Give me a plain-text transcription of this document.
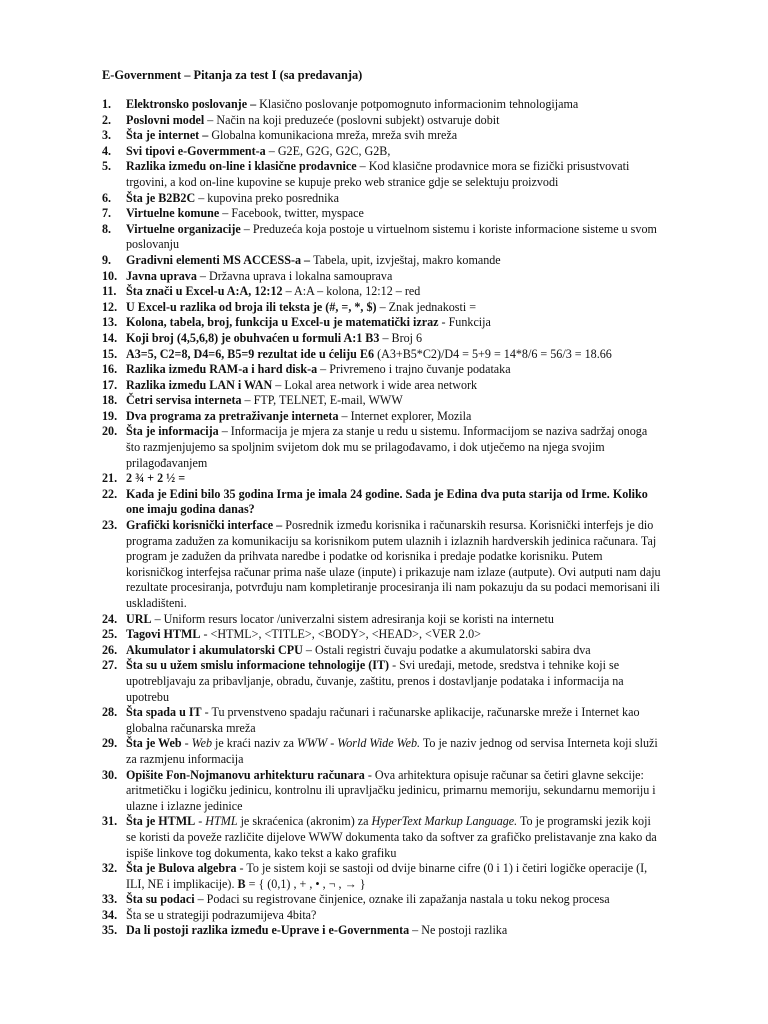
E-Government – Pitanja za test I (sa predavanja)
1.	Elektronsko poslovanje – Klasično poslovanje potpomognuto informacionim tehnologijama
2.	Poslovni model – Način na koji preduzeće (poslovni subjekt) ostvaruje dobit
3.	Šta je internet – Globalna komunikaciona mreža, mreža svih mreža
4.	Svi tipovi e-Govermment-a – G2E, G2G, G2C, G2B,
5.	Razlika između on-line i klasične prodavnice – Kod klasične prodavnice mora se fizički prisustvovati trgovini, a kod on-line kupovine se kupuje preko web stranice gdje se selektuju proizvodi
6.	Šta je B2B2C – kupovina preko posrednika
7.	Virtuelne komune – Facebook, twitter, myspace
8.	Virtuelne organizacije – Preduzeća koja postoje u virtuelnom sistemu i koriste informacione sisteme u svom poslovanju
9.	Gradivni elementi MS ACCESS-a – Tabela, upit, izvještaj, makro komande
10. Javna uprava – Državna uprava i lokalna samouprava
11. Šta znači u Excel-u A:A, 12:12 – A:A – kolona, 12:12 – red
12. U Excel-u razlika od broja ili teksta je (#, =, *, $) – Znak jednakosti =
13. Kolona, tabela, broj, funkcija u Excel-u je matematički izraz - Funkcija
14. Koji broj (4,5,6,8) je obuhvaćen u formuli A:1 B3 – Broj 6
15. A3=5, C2=8, D4=6, B5=9 rezultat ide u ćeliju E6 (A3+B5*C2)/D4 = 5+9 = 14*8/6 = 56/3 = 18.66
16. Razlika između RAM-a i hard disk-a – Privremeno i trajno čuvanje podataka
17. Razlika između LAN i WAN – Lokal area network i wide area network
18. Četri servisa interneta – FTP, TELNET, E-mail, WWW
19. Dva programa za pretraživanje interneta – Internet explorer, Mozila
20. Šta je informacija – Informacija je mjera za stanje u redu u sistemu. Informacijom se naziva sadržaj onoga što razmjenjujemo sa spoljnim svijetom dok mu se prilagođavamo, i dok utječemo na njega svojim prilagođavanjem
21. 2 ¾ + 2 ½ =
22. Kada je Edini bilo 35 godina Irma je imala 24 godine. Sada je Edina dva puta starija od Irme. Koliko one imaju godina danas?
23. Grafički korisnički interface – Posrednik između korisnika i računarskih resursa. Korisnički interfejs je dio programa zadužen za komunikaciju sa korisnikom putem ulaznih i izlaznih hardverskih jedinica računara. Taj program je zadužen da prihvata naredbe i podatke od korisnika i predaje podatke korisniku. Putem korisničkog interfejsa računar prima naše ulaze (inpute) i prikazuje nam izlaze (autpute). Ovi autputi nam daju rezultate procesiranja, potvrđuju nam kompletiranje procesiranja ili nam pokazuju da su podaci memorisani ili uskladišteni.
24. URL – Uniform resurs locator /univerzalni sistem adresiranja koji se koristi na internetu
25. Tagovi HTML - <HTML>, <TITLE>, <BODY>, <HEAD>, <VER 2.0>
26. Akumulator i akumulatorski CPU – Ostali registri čuvaju podatke a akumulatorski sabira dva
27. Šta su u užem smislu informacione tehnologije (IT) - Svi uređaji, metode, sredstva i tehnike koji se upotrebljavaju za pribavljanje, obradu, čuvanje, zaštitu, prenos i dostavljanje podataka i informacija na upotrebu
28. Šta spada u IT - Tu prvenstveno spadaju računari i računarske aplikacije, računarske mreže i Internet kao globalna računarska mreža
29. Šta je Web - Web je kraći naziv za WWW - World Wide Web. To je naziv jednog od servisa Interneta koji služi za razmjenu informacija
30. Opišite Fon-Nojmanovu arhitekturu računara - Ova arhitektura opisuje računar sa četiri glavne sekcije: aritmetičku i logičku jedinicu, kontrolnu ili upravljačku jedinicu, primarnu memoriju, sekundarnu memoriju i ulazne i izlazne jedinice
31. Šta je HTML - HTML je skraćenica (akronim) za HyperText Markup Language. To je programski jezik koji se koristi da poveže različite dijelove WWW dokumenta tako da softver za grafičko prelistavanje zna kako da ispiše linkove tog dokumenta, kako tekst a kako grafiku
32. Šta je Bulova algebra - To je sistem koji se sastoji od dvije binarne cifre (0 i 1) i četiri logičke operacije (I, ILI, NE i implikacije). B = { (0,1) , + , • , ¬ , → }
33. Šta su podaci – Podaci su registrovane činjenice, oznake ili zapažanja nastala u toku nekog procesa
34. Šta se u strategiji podrazumijeva 4bita?
35. Da li postoji razlika između e-Uprave i e-Governmenta – Ne postoji razlika
